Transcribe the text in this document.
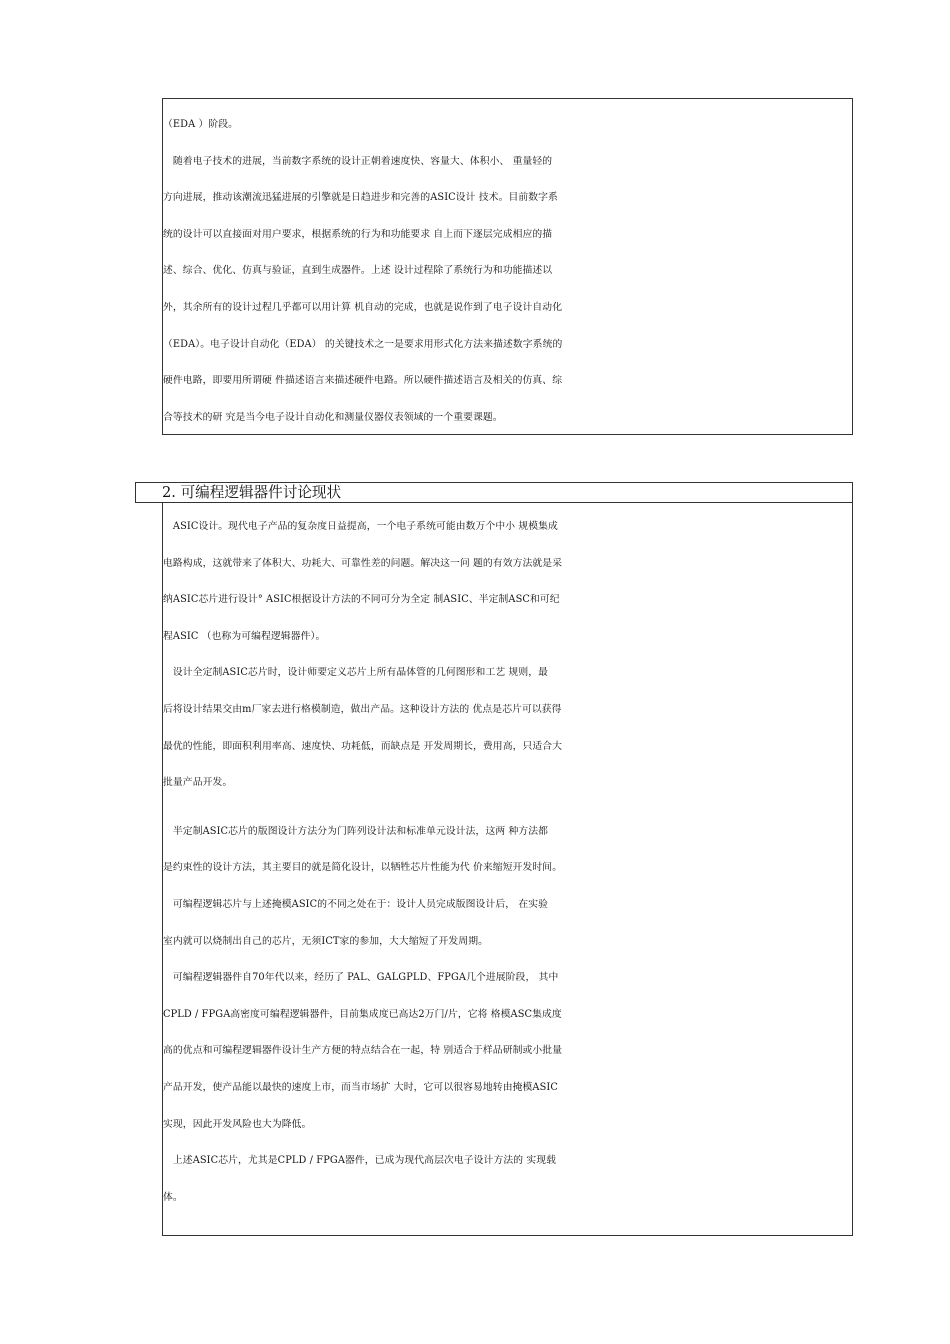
（EDA ）阶段。

　随着电子技术的进展，当前数字系统的设计正朝着速度快、容量大、体积小、 重量轻的

方向进展，推动该潮流迅猛进展的引擎就是日趋进步和完善的ASIC设计 技术。目前数字系

统的设计可以直接面对用户要求，根据系统的行为和功能要求 自上而下逐层完成相应的描

述、综合、优化、仿真与验证，直到生成器件。上述 设计过程除了系统行为和功能描述以

外，其余所有的设计过程几乎都可以用计算 机自动的完成，也就是说作到了电子设计自动化

（EDA）。电子设计自动化（EDA） 的关键技术之一是要求用形式化方法来描述数字系统的

硬件电路，即要用所谓硬 件描述语言来描述硬件电路。所以硬件描述语言及相关的仿真、综

合等技术的研 究是当今电子设计自动化和测量仪器仪表领域的一个重要课题。

2. 可编程逻辑器件讨论现状

　ASIC设计。现代电子产品的复杂度日益提高，一个电子系统可能由数万个中小 规模集成

电路构成，这就带来了体积大、功耗大、可靠性差的问题。解决这一问 题的有效方法就是采

纳ASIC芯片进行设计° ASIC根据设计方法的不同可分为全定 制ASIC、半定制ASC和可纪

程ASIC （也称为可编程逻辑器件）。

　设计全定制ASIC芯片时，设计师要定义芯片上所有晶体管的几何图形和工艺 规则，最

后将设计结果交由m厂家去进行格模制造，做出产品。这种设计方法的 优点是芯片可以获得

最优的性能，即面积利用率高、速度快、功耗低，而缺点是 开发周期长，费用高，只适合大

批量产品开发。

　半定制ASIC芯片的版图设计方法分为门阵列设计法和标准单元设计法，这两 种方法都

是约束性的设计方法，其主要目的就是简化设计，以牺牲芯片性能为代 价来缩短开发时间。

　可编程逻辑芯片与上述掩模ASIC的不同之处在于：设计人员完成版图设计后， 在实验

室内就可以烧制出自己的芯片，无须ICT家的参加，大大缩短了开发周期。

　可编程逻辑器件自70年代以来，经历了 PAL、GALGPLD、FPGA几个进展阶段， 其中

CPLD / FPGA高密度可编程逻辑器件，目前集成度已高达2万门/片，它将 格模ASC集成度

高的优点和可编程逻辑器件设计生产方便的特点结合在一起，特 别适合于样品研制或小批量

产品开发，使产品能以最快的速度上市，而当市场扩 大时，它可以很容易地转由掩模ASIC

实现，因此开发风险也大为降低。

　上述ASIC芯片，尤其是CPLD / FPGA器件，已成为现代高层次电子设计方法的 实现载

体。
